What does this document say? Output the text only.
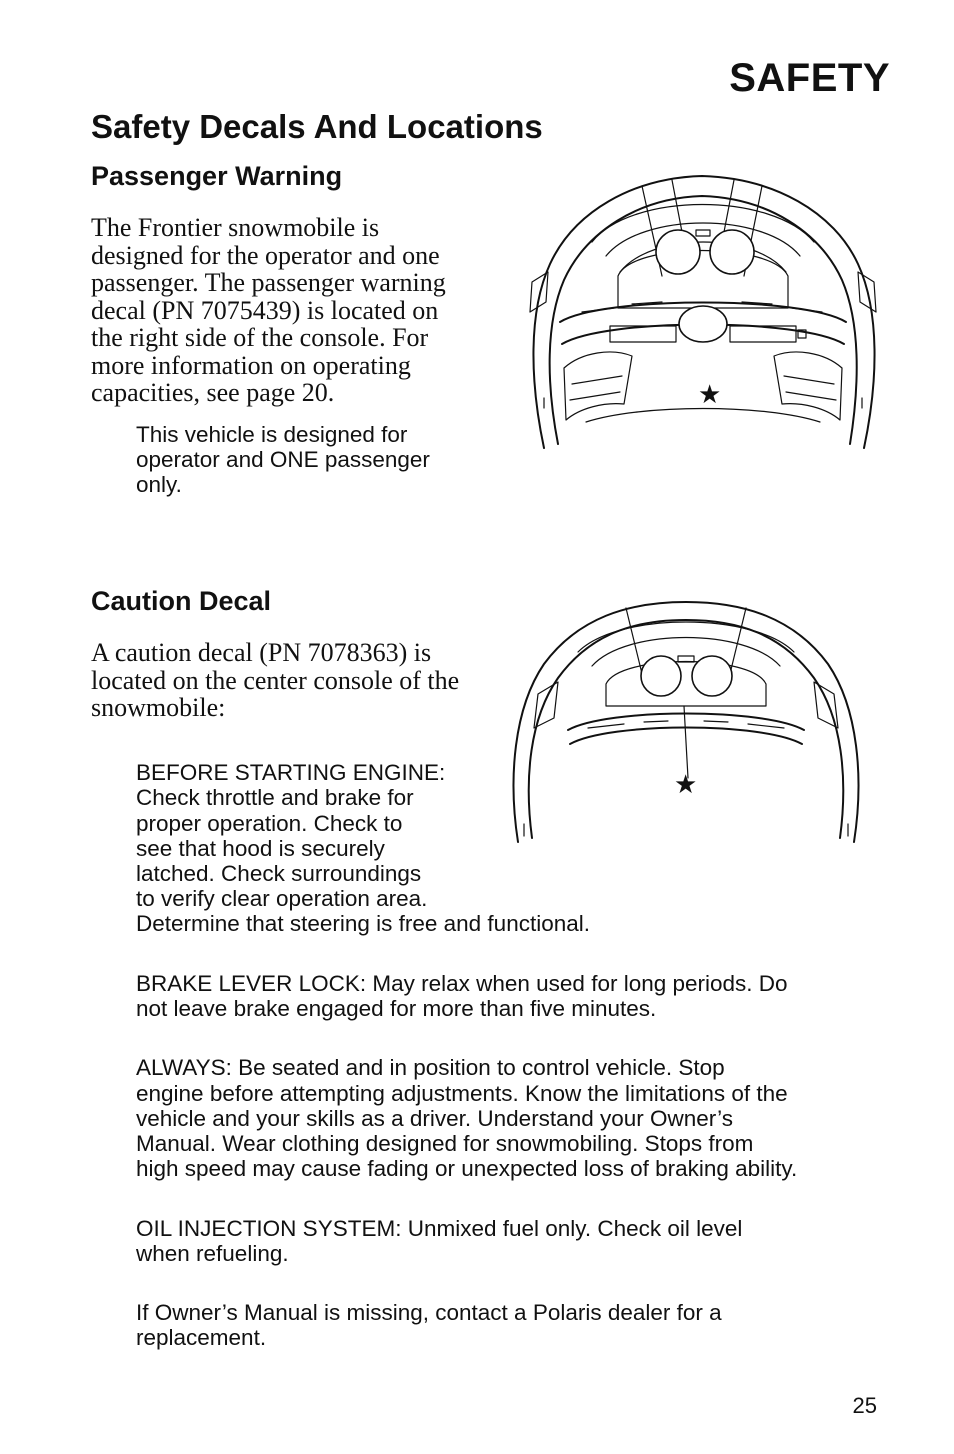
SAFETY
Safety Decals And Locations
Passenger Warning
The Frontier snowmobile is
designed for the operator and one
passenger. The passenger warning
decal (PN 7075439) is located on
the right side of the console. For
more information on operating
capacities, see page 20.
This vehicle is designed for
operator and ONE passenger
only.
★
Caution Decal
A caution decal (PN 7078363) is
located on the center console of the
snowmobile:
★

BEFORE STARTING ENGINE:
Check throttle and brake for
proper operation. Check to
see that hood is securely
latched. Check surroundings
to verify clear operation area.
Determine that steering is free and functional.

BRAKE LEVER LOCK: May relax when used for long periods. Do
not leave brake engaged for more than five minutes.

ALWAYS: Be seated and in position to control vehicle. Stop
engine before attempting adjustments. Know the limitations of the
vehicle and your skills as a driver. Understand your Owner’s
Manual. Wear clothing designed for snowmobiling. Stops from
high speed may cause fading or unexpected loss of braking ability.

OIL INJECTION SYSTEM: Unmixed fuel only. Check oil level
when refueling.

If Owner’s Manual is missing, contact a Polaris dealer for a
replacement.

25
